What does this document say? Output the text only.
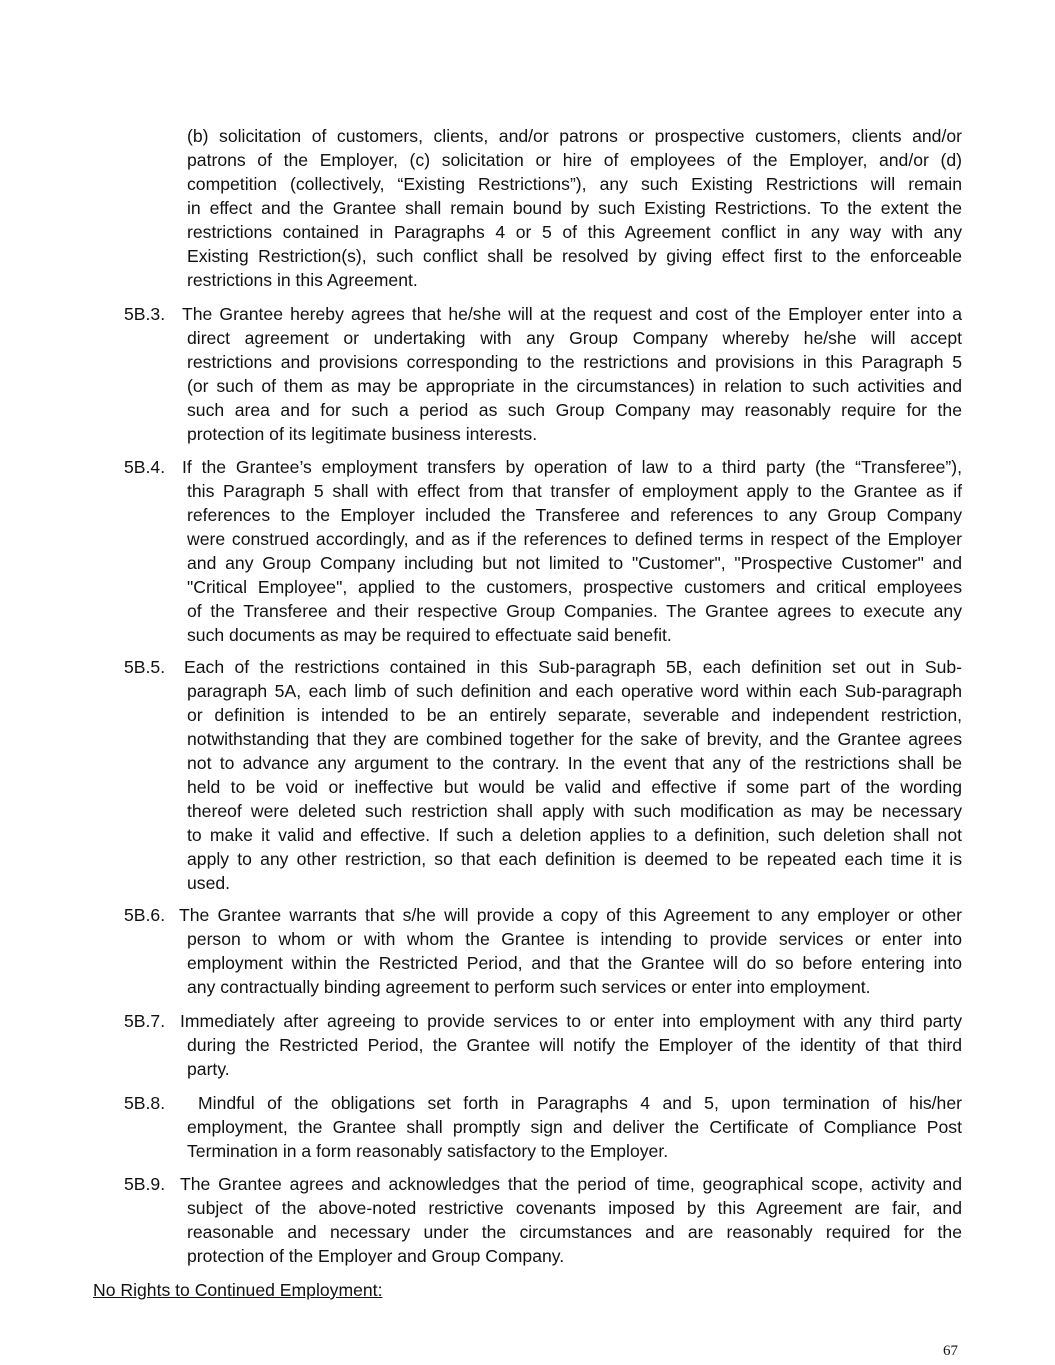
(b) solicitation of customers, clients, and/or patrons or prospective customers, clients and/or
patrons of the Employer, (c) solicitation or hire of employees of the Employer, and/or (d)
competition (collectively, “Existing Restrictions”), any such Existing Restrictions will remain
in effect and the Grantee shall remain bound by such Existing Restrictions. To the extent the
restrictions contained in Paragraphs 4 or 5 of this Agreement conflict in any way with any
Existing Restriction(s), such conflict shall be resolved by giving effect first to the enforceable
restrictions in this Agreement.
5B.3. The Grantee hereby agrees that he/she will at the request and cost of the Employer enter into a
direct agreement or undertaking with any Group Company whereby he/she will accept
restrictions and provisions corresponding to the restrictions and provisions in this Paragraph 5
(or such of them as may be appropriate in the circumstances) in relation to such activities and
such area and for such a period as such Group Company may reasonably require for the
protection of its legitimate business interests.
5B.4. If the Grantee’s employment transfers by operation of law to a third party (the “Transferee”),
this Paragraph 5 shall with effect from that transfer of employment apply to the Grantee as if
references to the Employer included the Transferee and references to any Group Company
were construed accordingly, and as if the references to defined terms in respect of the Employer
and any Group Company including but not limited to "Customer", "Prospective Customer" and
"Critical Employee", applied to the customers, prospective customers and critical employees
of the Transferee and their respective Group Companies. The Grantee agrees to execute any
such documents as may be required to effectuate said benefit.
5B.5. Each of the restrictions contained in this Sub-paragraph 5B, each definition set out in Sub-
paragraph 5A, each limb of such definition and each operative word within each Sub-paragraph
or definition is intended to be an entirely separate, severable and independent restriction,
notwithstanding that they are combined together for the sake of brevity, and the Grantee agrees
not to advance any argument to the contrary. In the event that any of the restrictions shall be
held to be void or ineffective but would be valid and effective if some part of the wording
thereof were deleted such restriction shall apply with such modification as may be necessary
to make it valid and effective. If such a deletion applies to a definition, such deletion shall not
apply to any other restriction, so that each definition is deemed to be repeated each time it is
used.
5B.6. The Grantee warrants that s/he will provide a copy of this Agreement to any employer or other
person to whom or with whom the Grantee is intending to provide services or enter into
employment within the Restricted Period, and that the Grantee will do so before entering into
any contractually binding agreement to perform such services or enter into employment.
5B.7. Immediately after agreeing to provide services to or enter into employment with any third party
during the Restricted Period, the Grantee will notify the Employer of the identity of that third
party.
5B.8. Mindful of the obligations set forth in Paragraphs 4 and 5, upon termination of his/her
employment, the Grantee shall promptly sign and deliver the Certificate of Compliance Post
Termination in a form reasonably satisfactory to the Employer.
5B.9. The Grantee agrees and acknowledges that the period of time, geographical scope, activity and
subject of the above-noted restrictive covenants imposed by this Agreement are fair, and
reasonable and necessary under the circumstances and are reasonably required for the
protection of the Employer and Group Company.
No Rights to Continued Employment:
67
